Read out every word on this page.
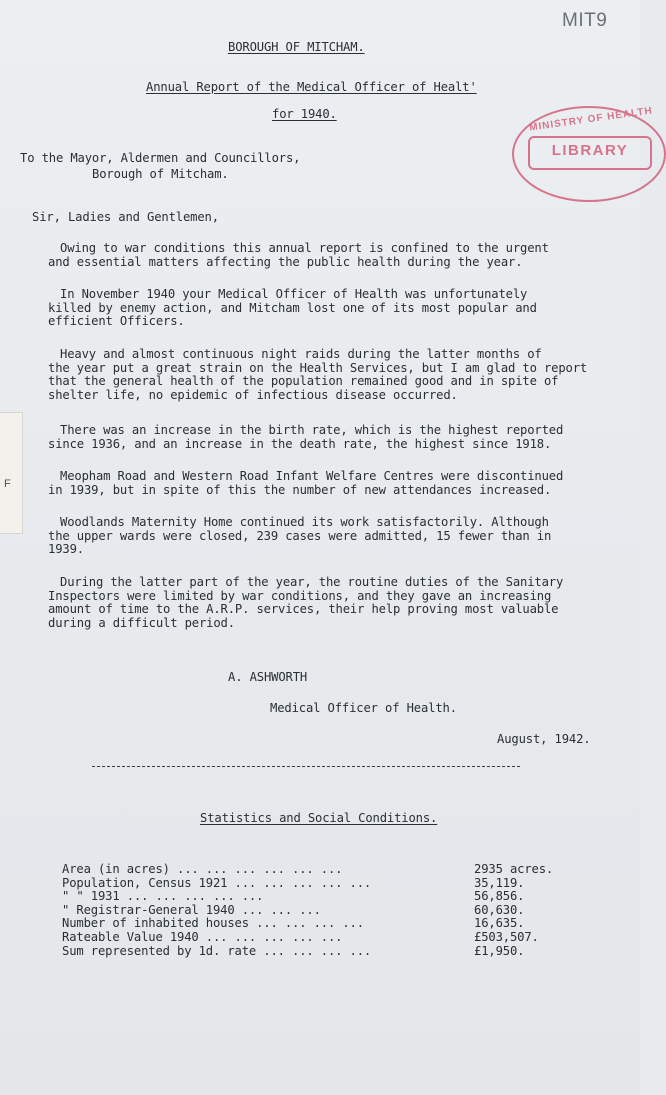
MIT9
MINISTRY OF HEALTH
LIBRARY
F
BOROUGH OF MITCHAM.
Annual Report of the Medical Officer of Healt'
for 1940.
To the Mayor, Aldermen and Councillors,
Borough of Mitcham.
Sir, Ladies and Gentlemen,

Owing to war conditions this annual report is confined to the urgent

and essential matters affecting the public health during the year.

In November 1940 your Medical Officer of Health was unfortunately

killed by enemy action, and Mitcham lost one of its most popular and

efficient Officers.

Heavy and almost continuous night raids during the latter months of

the year put a great strain on the Health Services, but I am glad to report

that the general health of the population remained good and in spite of

shelter life, no epidemic of infectious disease occurred.

There was an increase in the birth rate, which is the highest reported

since 1936, and an increase in the death rate, the highest since 1918.

Meopham Road and Western Road Infant Welfare Centres were discontinued

in 1939, but in spite of this the number of new attendances increased.

Woodlands Maternity Home continued its work satisfactorily. Although

the upper wards were closed, 239 cases were admitted, 15 fewer than in

1939.

During the latter part of the year, the routine duties of the Sanitary

Inspectors were limited by war conditions, and they gave an increasing

amount of time to the A.R.P. services, their help proving most valuable

during a difficult period.

A. ASHWORTH
Medical Officer of Health.
August, 1942.
Statistics and Social Conditions.
Area (in acres) ... ... ... ... ... ...	2935 acres.
Population, Census 1921 ... ... ... ... ...	35,119.
" " 1931 ... ... ... ... ...	56,856.
" Registrar-General 1940 ... ... ...	60,630.
Number of inhabited houses ... ... ... ...	16,635.
Rateable Value 1940 ... ... ... ... ...	£503,507.
Sum represented by 1d. rate ... ... ... ...	£1,950.
